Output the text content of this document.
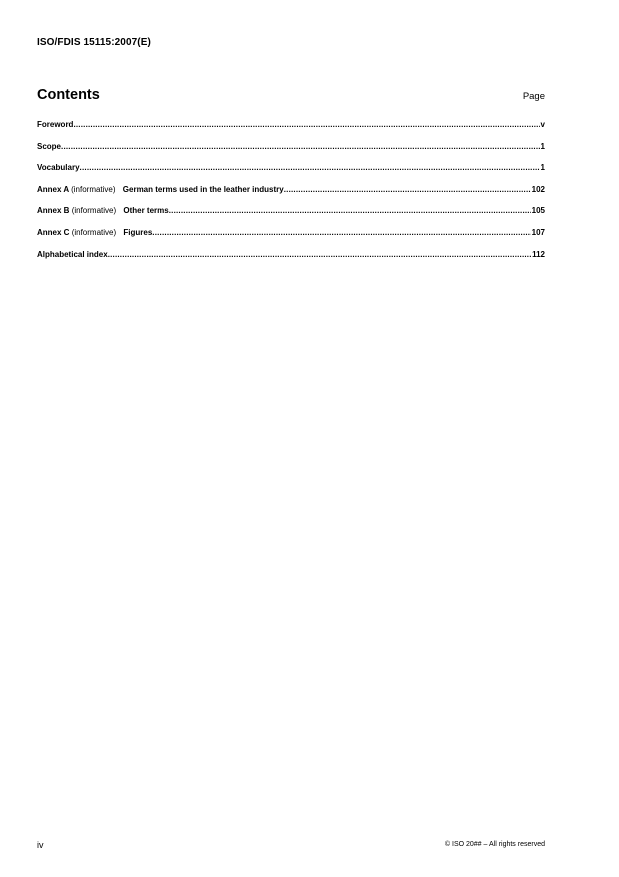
ISO/FDIS 15115:2007(E)
Contents	Page
Foreword .....	v
Scope .....	1
Vocabulary .....	1
Annex A (informative) German terms used in the leather industry .....	102
Annex B (informative) Other terms .....	105
Annex C (informative) Figures .....	107
Alphabetical index .....	112
iv	© ISO 20## – All rights reserved
